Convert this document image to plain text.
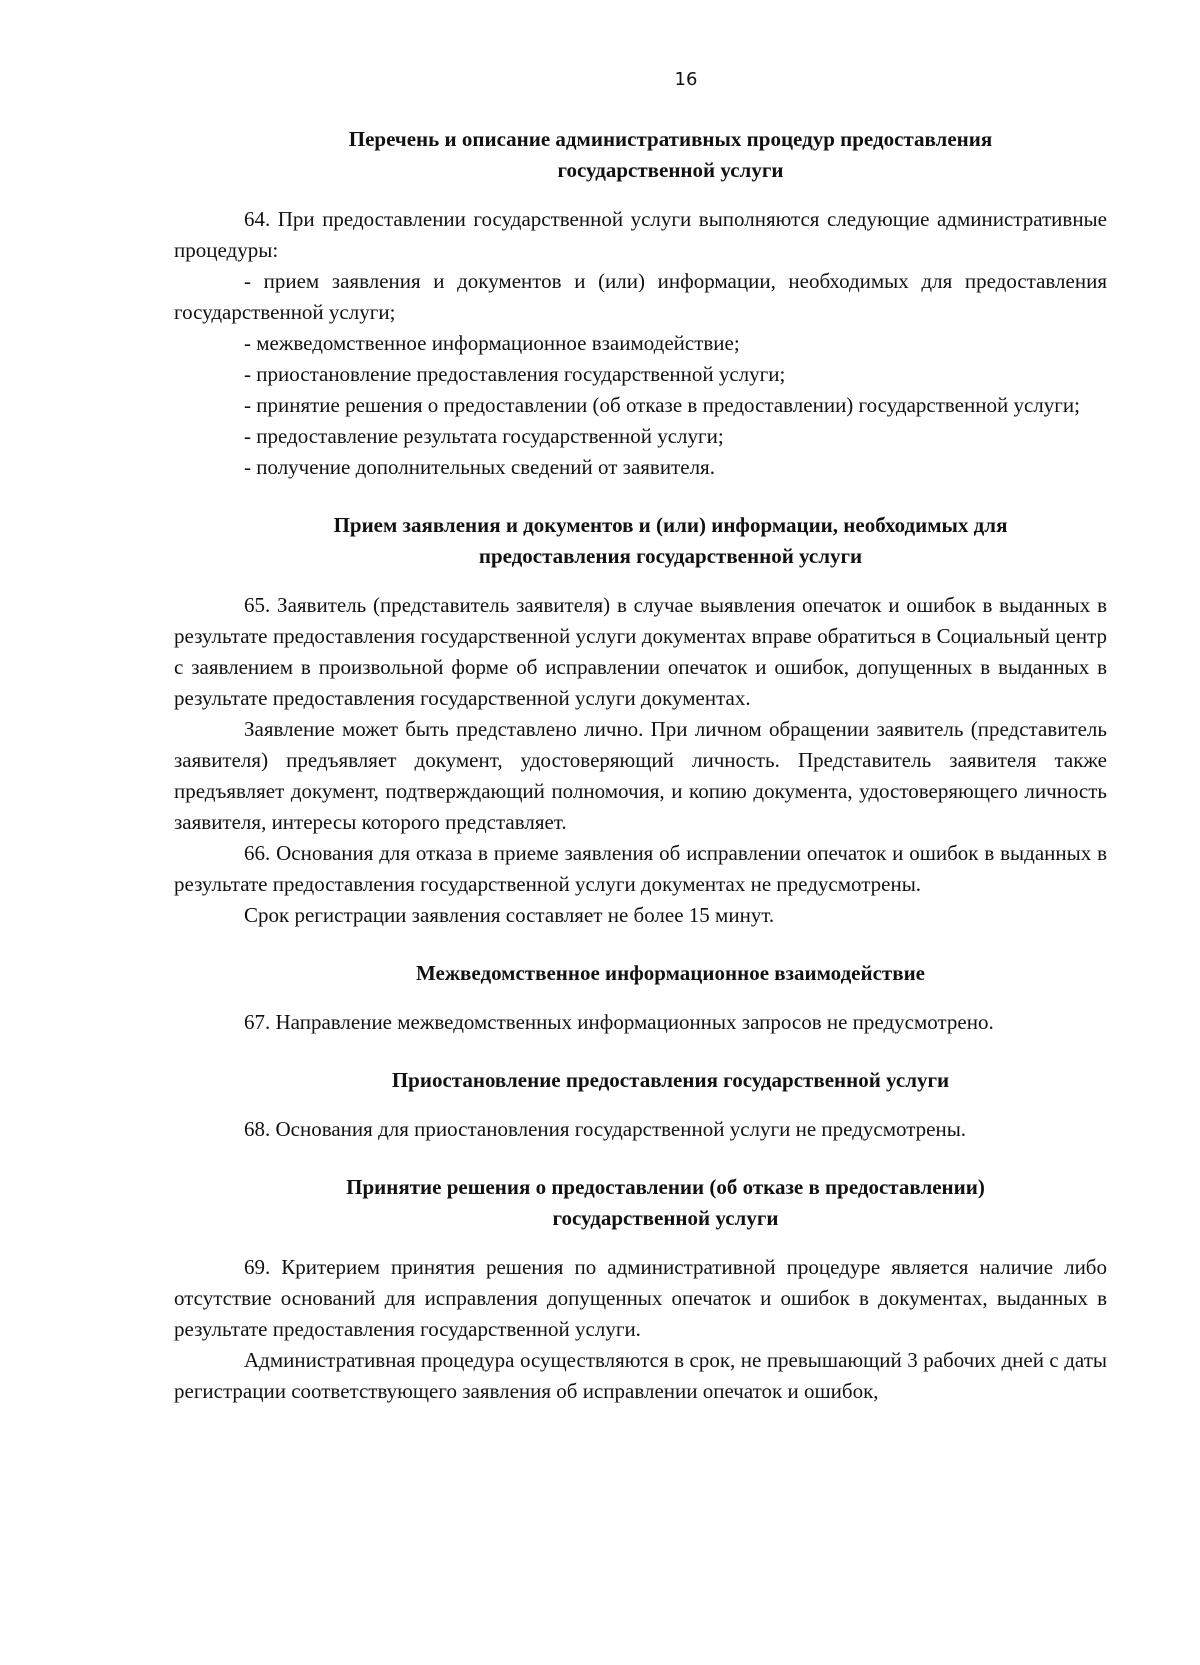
16

Перечень и описание административных процедур предоставления государственной услуги

64. При предоставлении государственной услуги выполняются следующие административные процедуры:

- прием заявления и документов и (или) информации, необходимых для предоставления государственной услуги;

- межведомственное информационное взаимодействие;

- приостановление предоставления государственной услуги;

- принятие решения о предоставлении (об отказе в предоставлении) государственной услуги;

- предоставление результата государственной услуги;

- получение дополнительных сведений от заявителя.

Прием заявления и документов и (или) информации, необходимых для предоставления государственной услуги

65. Заявитель (представитель заявителя) в случае выявления опечаток и ошибок в выданных в результате предоставления государственной услуги документах вправе обратиться в Социальный центр с заявлением в произвольной форме об исправлении опечаток и ошибок, допущенных в выданных в результате предоставления государственной услуги документах.

Заявление может быть представлено лично. При личном обращении заявитель (представитель заявителя) предъявляет документ, удостоверяющий личность. Представитель заявителя также предъявляет документ, подтверждающий полномочия, и копию документа, удостоверяющего личность заявителя, интересы которого представляет.

66. Основания для отказа в приеме заявления об исправлении опечаток и ошибок в выданных в результате предоставления государственной услуги документах не предусмотрены.

Срок регистрации заявления составляет не более 15 минут.

Межведомственное информационное взаимодействие

67. Направление межведомственных информационных запросов не предусмотрено.

Приостановление предоставления государственной услуги

68. Основания для приостановления государственной услуги не предусмотрены.

Принятие решения о предоставлении (об отказе в предоставлении) государственной услуги

69. Критерием принятия решения по административной процедуре является наличие либо отсутствие оснований для исправления допущенных опечаток и ошибок в документах, выданных в результате предоставления государственной услуги.

Административная процедура осуществляются в срок, не превышающий 3 рабочих дней с даты регистрации соответствующего заявления об исправлении опечаток и ошибок,
